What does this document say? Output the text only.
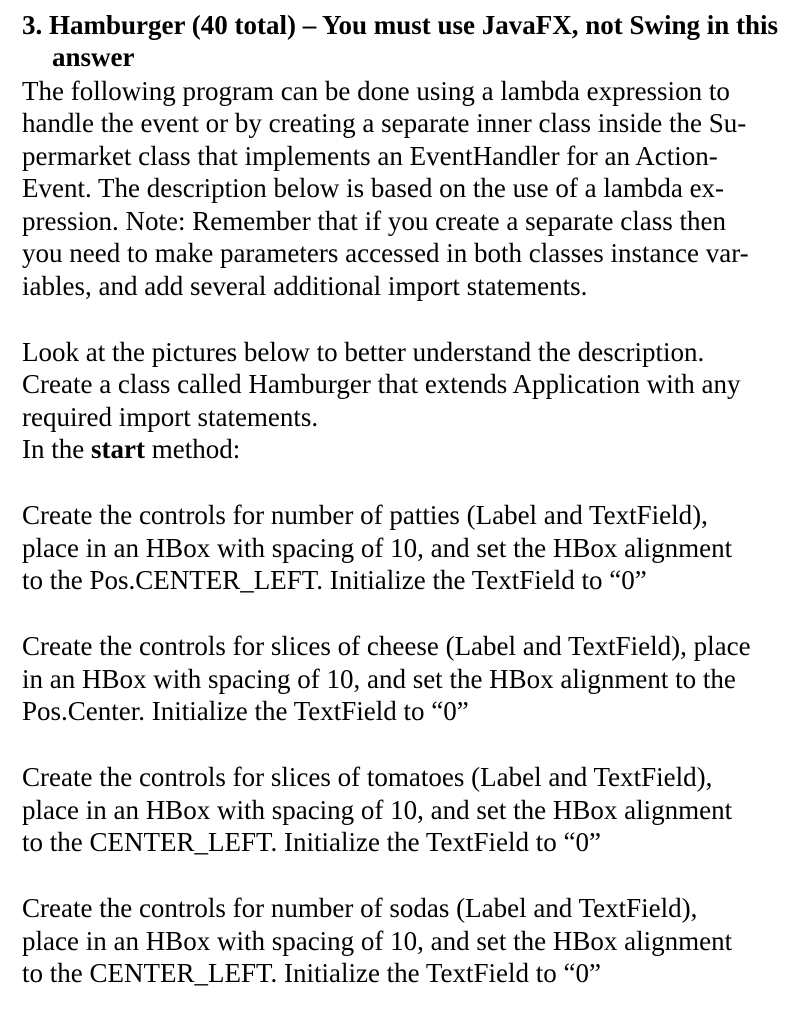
3. Hamburger (40 total) – You must use JavaFX, not Swing in this answer
The following program can be done using a lambda expression to
handle the event or by creating a separate inner class inside the Su-
permarket class that implements an EventHandler for an Action-
Event. The description below is based on the use of a lambda ex-
pression. Note: Remember that if you create a separate class then
you need to make parameters accessed in both classes instance var-
iables, and add several additional import statements.
Look at the pictures below to better understand the description.
Create a class called Hamburger that extends Application with any
required import statements.
In the start method:
Create the controls for number of patties (Label and TextField),
place in an HBox with spacing of 10, and set the HBox alignment
to the Pos.CENTER_LEFT. Initialize the TextField to “0”
Create the controls for slices of cheese (Label and TextField), place
in an HBox with spacing of 10, and set the HBox alignment to the
Pos.Center. Initialize the TextField to “0”
Create the controls for slices of tomatoes (Label and TextField),
place in an HBox with spacing of 10, and set the HBox alignment
to the CENTER_LEFT. Initialize the TextField to “0”
Create the controls for number of sodas (Label and TextField),
place in an HBox with spacing of 10, and set the HBox alignment
to the CENTER_LEFT. Initialize the TextField to “0”
